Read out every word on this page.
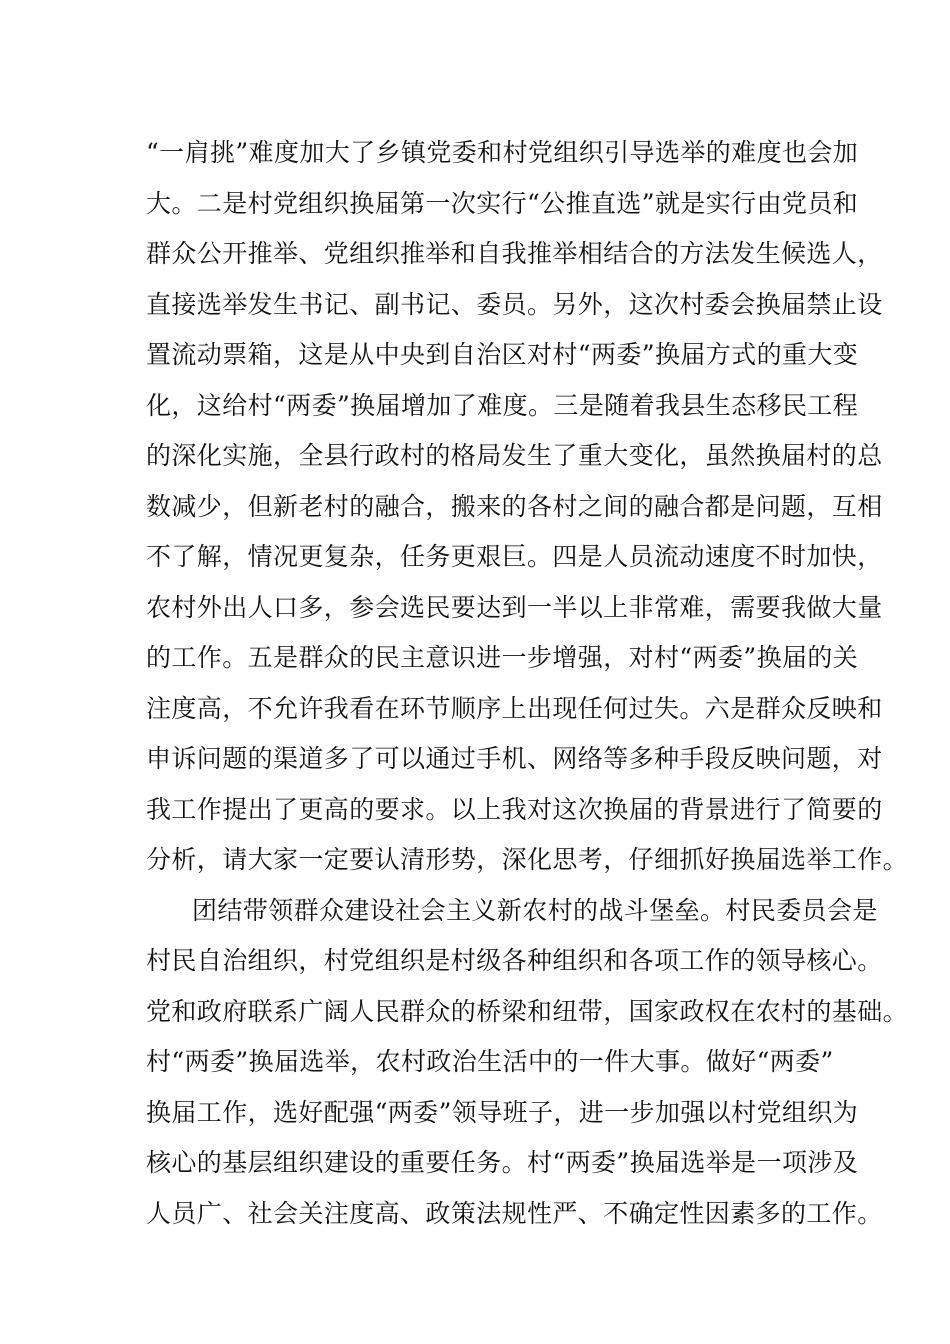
“一肩挑”难度加大了乡镇党委和村党组织引导选举的难度也会加
大。二是村党组织换届第一次实行“公推直选”就是实行由党员和
群众公开推举、党组织推举和自我推举相结合的方法发生候选人，
直接选举发生书记、副书记、委员。另外，这次村委会换届禁止设
置流动票箱，这是从中央到自治区对村“两委”换届方式的重大变
化，这给村“两委”换届增加了难度。三是随着我县生态移民工程
的深化实施，全县行政村的格局发生了重大变化，虽然换届村的总
数减少，但新老村的融合，搬来的各村之间的融合都是问题，互相
不了解，情况更复杂，任务更艰巨。四是人员流动速度不时加快，
农村外出人口多，参会选民要达到一半以上非常难，需要我做大量
的工作。五是群众的民主意识进一步增强，对村“两委”换届的关
注度高，不允许我看在环节顺序上出现任何过失。六是群众反映和
申诉问题的渠道多了可以通过手机、网络等多种手段反映问题，对
我工作提出了更高的要求。以上我对这次换届的背景进行了简要的
分析，请大家一定要认清形势，深化思考，仔细抓好换届选举工作。
团结带领群众建设社会主义新农村的战斗堡垒。村民委员会是
村民自治组织，村党组织是村级各种组织和各项工作的领导核心。
党和政府联系广阔人民群众的桥梁和纽带，国家政权在农村的基础。
村“两委”换届选举，农村政治生活中的一件大事。做好“两委”
换届工作，选好配强“两委”领导班子，进一步加强以村党组织为
核心的基层组织建设的重要任务。村“两委”换届选举是一项涉及
人员广、社会关注度高、政策法规性严、不确定性因素多的工作。
